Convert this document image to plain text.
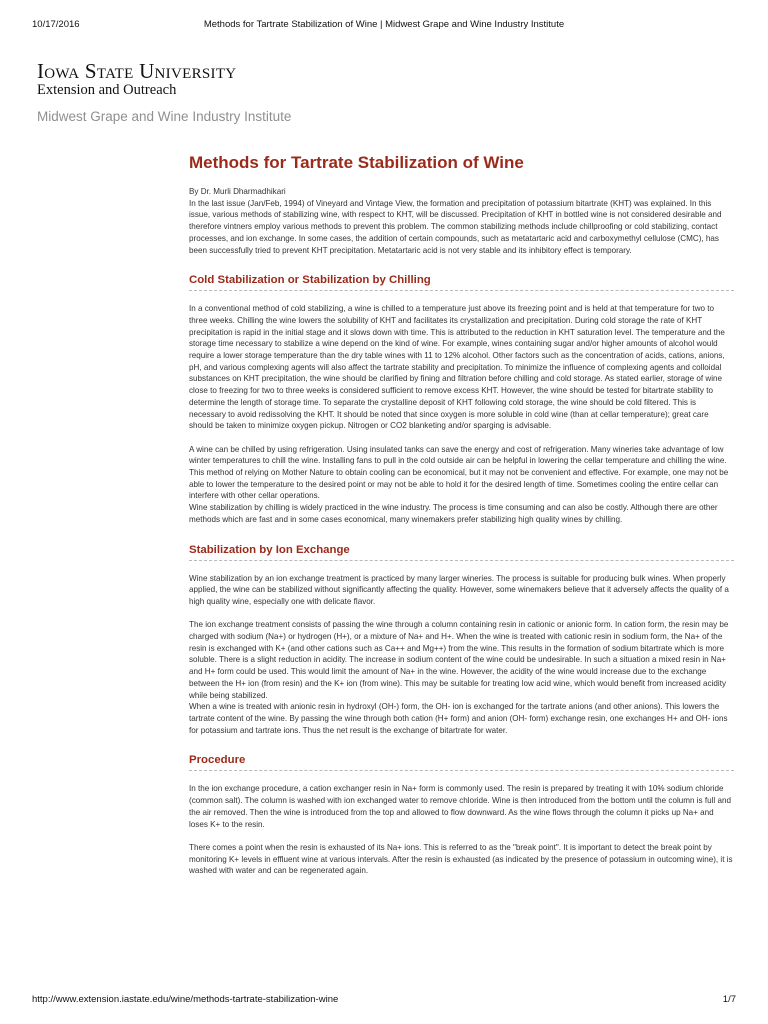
10/17/2016	Methods for Tartrate Stabilization of Wine | Midwest Grape and Wine Industry Institute
Iowa State University
Extension and Outreach
Midwest Grape and Wine Industry Institute
Methods for Tartrate Stabilization of Wine

By Dr. Murli Dharmadhikari

In the last issue (Jan/Feb, 1994) of Vineyard and Vintage View, the formation and precipitation of potassium bitartrate (KHT) was explained. In this issue, various methods of stabilizing wine, with respect to KHT, will be discussed. Precipitation of KHT in bottled wine is not considered desirable and therefore vintners employ various methods to prevent this problem. The common stabilizing methods include chillproofing or cold stabilizing, contact processes, and ion exchange. In some cases, the addition of certain compounds, such as metatartaric acid and carboxymethyl cellulose (CMC), has been successfully tried to prevent KHT precipitation. Metatartaric acid is not very stable and its inhibitory effect is temporary.

Cold Stabilization or Stabilization by Chilling

In a conventional method of cold stabilizing, a wine is chilled to a temperature just above its freezing point and is held at that temperature for two to three weeks. Chilling the wine lowers the solubility of KHT and facilitates its crystallization and precipitation. During cold storage the rate of KHT precipitation is rapid in the initial stage and it slows down with time. This is attributed to the reduction in KHT saturation level. The temperature and the storage time necessary to stabilize a wine depend on the kind of wine. For example, wines containing sugar and/or higher amounts of alcohol would require a lower storage temperature than the dry table wines with 11 to 12% alcohol. Other factors such as the concentration of acids, cations, anions, pH, and various complexing agents will also affect the tartrate stability and precipitation. To minimize the influence of complexing agents and colloidal substances on KHT precipitation, the wine should be clarified by fining and filtration before chilling and cold storage. As stated earlier, storage of wine close to freezing for two to three weeks is considered sufficient to remove excess KHT. However, the wine should be tested for bitartrate stability to determine the length of storage time. To separate the crystalline deposit of KHT following cold storage, the wine should be cold filtered. This is necessary to avoid redissolving the KHT. It should be noted that since oxygen is more soluble in cold wine (than at cellar temperature); great care should be taken to minimize oxygen pickup. Nitrogen or CO2 blanketing and/or sparging is advisable.

A wine can be chilled by using refrigeration. Using insulated tanks can save the energy and cost of refrigeration. Many wineries take advantage of low winter temperatures to chill the wine. Installing fans to pull in the cold outside air can be helpful in lowering the cellar temperature and chilling the wine. This method of relying on Mother Nature to obtain cooling can be economical, but it may not be convenient and effective. For example, one may not be able to lower the temperature to the desired point or may not be able to hold it for the desired length of time. Sometimes cooling the entire cellar can interfere with other cellar operations.

Wine stabilization by chilling is widely practiced in the wine industry. The process is time consuming and can also be costly. Although there are other methods which are fast and in some cases economical, many winemakers prefer stabilizing high quality wines by chilling.

Stabilization by Ion Exchange

Wine stabilization by an ion exchange treatment is practiced by many larger wineries. The process is suitable for producing bulk wines. When properly applied, the wine can be stabilized without significantly affecting the quality. However, some winemakers believe that it adversely affects the quality of a high quality wine, especially one with delicate flavor.

The ion exchange treatment consists of passing the wine through a column containing resin in cationic or anionic form. In cation form, the resin may be charged with sodium (Na+) or hydrogen (H+), or a mixture of Na+ and H+. When the wine is treated with cationic resin in sodium form, the Na+ of the resin is exchanged with K+ (and other cations such as Ca++ and Mg++) from the wine. This results in the formation of sodium bitartrate which is more soluble. There is a slight reduction in acidity. The increase in sodium content of the wine could be undesirable. In such a situation a mixed resin in Na+ and H+ form could be used. This would limit the amount of Na+ in the wine. However, the acidity of the wine would increase due to the exchange between the H+ ion (from resin) and the K+ ion (from wine). This may be suitable for treating low acid wine, which would benefit from increased acidity while being stabilized.

When a wine is treated with anionic resin in hydroxyl (OH-) form, the OH- ion is exchanged for the tartrate anions (and other anions). This lowers the tartrate content of the wine. By passing the wine through both cation (H+ form) and anion (OH- form) exchange resin, one exchanges H+ and OH- ions for potassium and tartrate ions. Thus the net result is the exchange of bitartrate for water.

Procedure

In the ion exchange procedure, a cation exchanger resin in Na+ form is commonly used. The resin is prepared by treating it with 10% sodium chloride (common salt). The column is washed with ion exchanged water to remove chloride. Wine is then introduced from the bottom until the column is full and the air removed. Then the wine is introduced from the top and allowed to flow downward. As the wine flows through the column it picks up Na+ and loses K+ to the resin.

There comes a point when the resin is exhausted of its Na+ ions. This is referred to as the "break point". It is important to detect the break point by monitoring K+ levels in effluent wine at various intervals. After the resin is exhausted (as indicated by the presence of potassium in outcoming wine), it is washed with water and can be regenerated again.

http://www.extension.iastate.edu/wine/methods-tartrate-stabilization-wine	1/7
